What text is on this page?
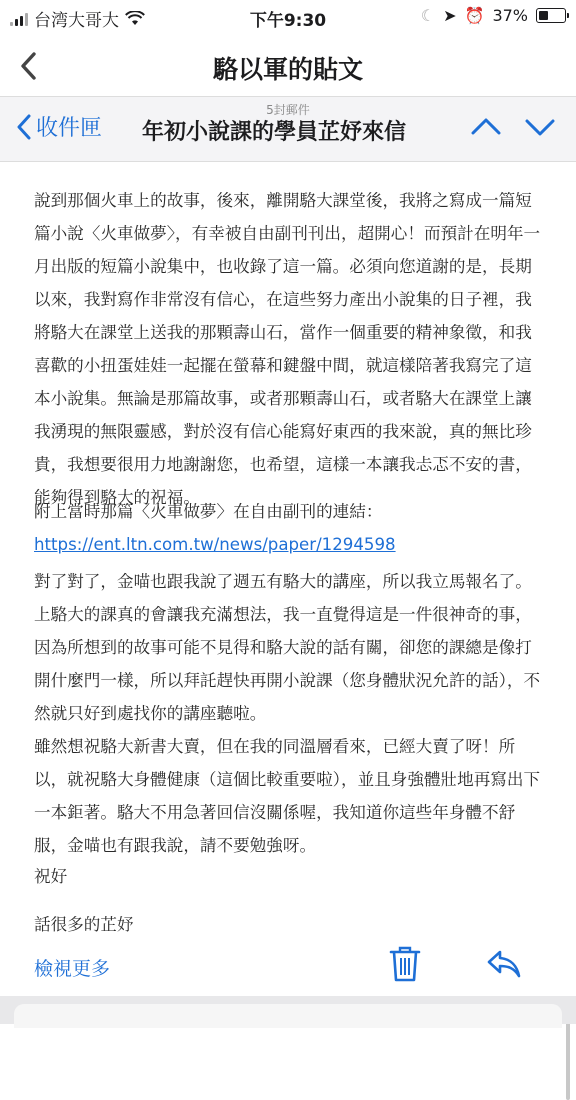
台湾大哥大	下午9:30	☾ ➤ ⏰ 37%
駱以軍的貼文
5封郵件
收件匣 年初小說課的學員芷妤來信

說到那個火車上的故事，後來，離開駱大課堂後，我將之寫成一篇短篇小說〈火車做夢〉，有幸被自由副刊刊出，超開心！而預計在明年一月出版的短篇小說集中，也收錄了這一篇。必須向您道謝的是，長期以來，我對寫作非常沒有信心，在這些努力產出小說集的日子裡，我將駱大在課堂上送我的那顆壽山石，當作一個重要的精神象徵，和我喜歡的小扭蛋娃娃一起擺在螢幕和鍵盤中間，就這樣陪著我寫完了這本小說集。無論是那篇故事，或者那顆壽山石，或者駱大在課堂上讓我湧現的無限靈感，對於沒有信心能寫好東西的我來說，真的無比珍貴，我想要很用力地謝謝您，也希望，這樣一本讓我忐忑不安的書，能夠得到駱大的祝福。

附上當時那篇〈火車做夢〉在自由副刊的連結：
https://ent.ltn.com.tw/news/paper/1294598

對了對了，金喵也跟我說了週五有駱大的講座，所以我立馬報名了。上駱大的課真的會讓我充滿想法，我一直覺得這是一件很神奇的事，因為所想到的故事可能不見得和駱大說的話有關，卻您的課總是像打開什麼門一樣，所以拜託趕快再開小說課（您身體狀況允許的話），不然就只好到處找你的講座聽啦。

雖然想祝駱大新書大賣，但在我的同溫層看來，已經大賣了呀！所以，就祝駱大身體健康（這個比較重要啦），並且身強體壯地再寫出下一本鉅著。駱大不用急著回信沒關係喔，我知道你這些年身體不舒服，金喵也有跟我說，請不要勉強呀。

祝好

話很多的芷妤

檢視更多
